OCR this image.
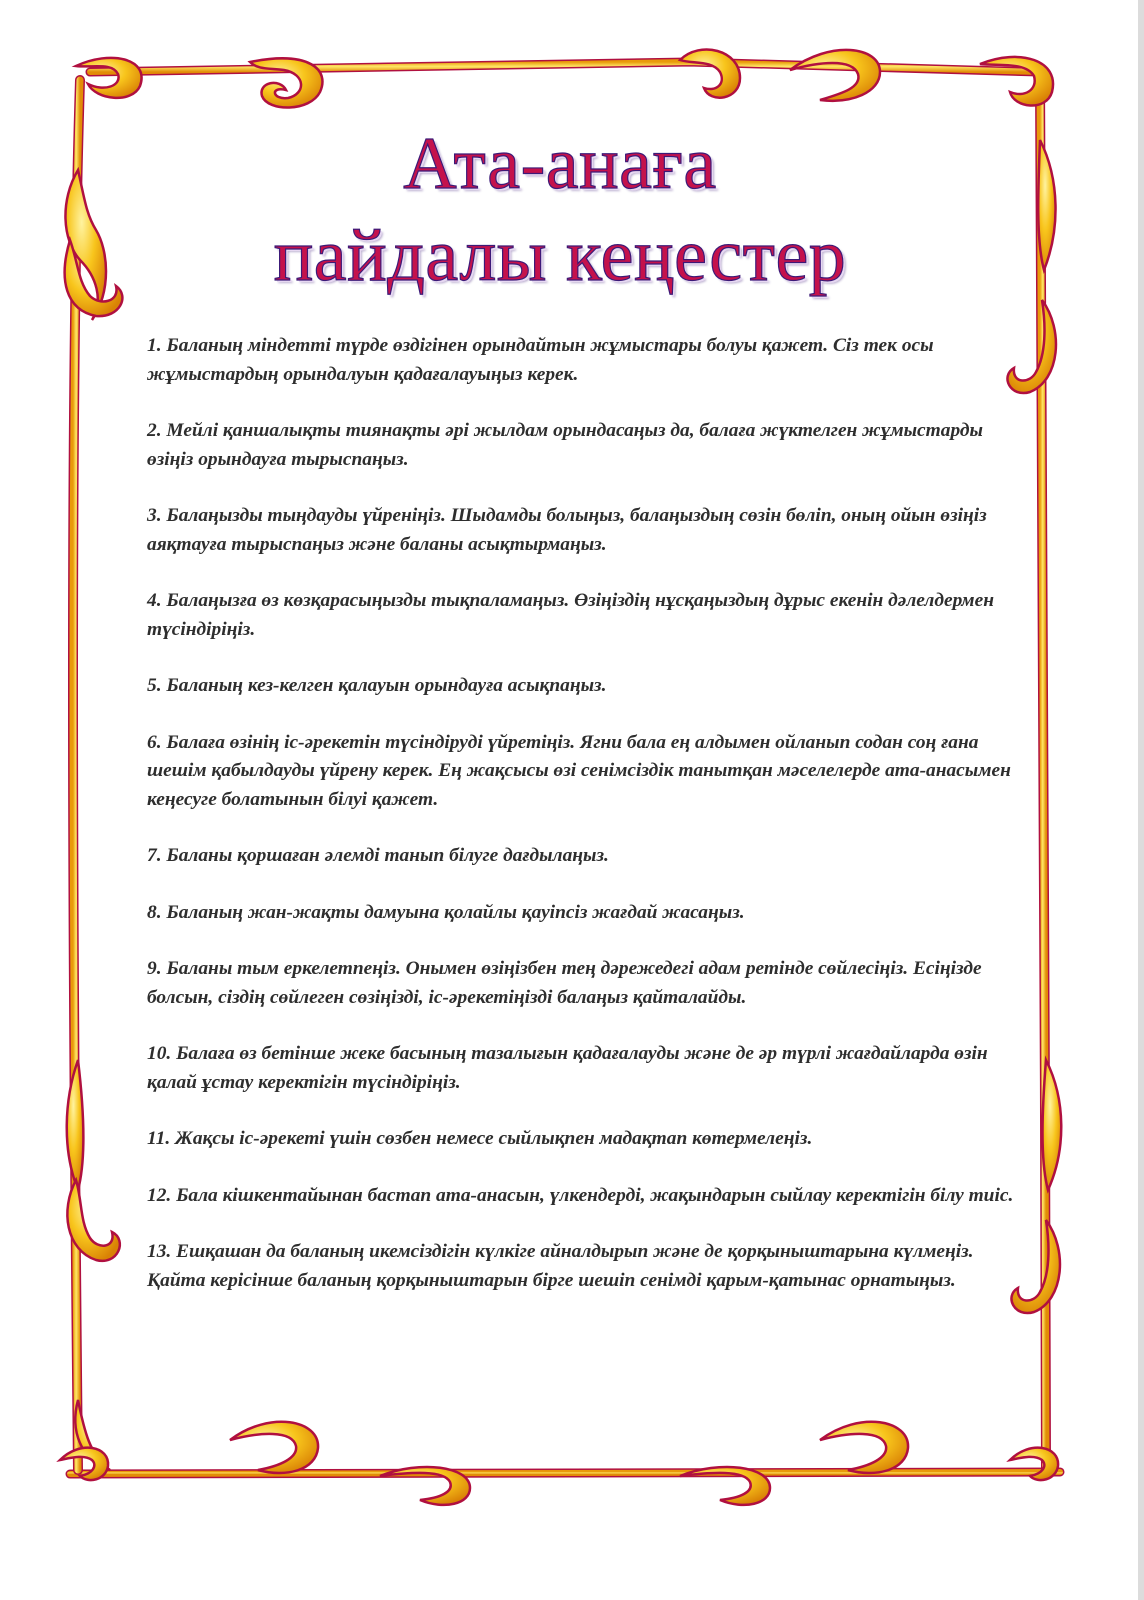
Ата-анаға
пайдалы кеңестер

1. Баланың міндетті түрде өздігінен орындайтын жұмыстары болуы қажет. Сіз тек осы жұмыстардың орындалуын қадағалауыңыз керек.

2. Мейлі қаншалықты тиянақты әрі жылдам орындасаңыз да, балаға жүктелген жұмыстарды өзіңіз орындауға тырыспаңыз.

3. Балаңызды тыңдауды үйреніңіз. Шыдамды болыңыз, балаңыздың сөзін бөліп, оның ойын өзіңіз аяқтауға тырыспаңыз және баланы асықтырмаңыз.

4. Балаңызға өз көзқарасыңызды тықпаламаңыз. Өзіңіздің нұсқаңыздың дұрыс екенін дәлелдермен түсіндіріңіз.

5. Баланың кез-келген қалауын орындауға асықпаңыз.

6. Балаға өзінің іс-әрекетін түсіндіруді үйретіңіз. Ягни бала ең алдымен ойланып содан соң ғана шешім қабылдауды үйрену керек. Ең жақсысы өзі сенімсіздік танытқан мәселелерде ата-анасымен кеңесуге болатынын білуі қажет.

7. Баланы қоршаған әлемді танып білуге дағдылаңыз.

8. Баланың жан-жақты дамуына қолайлы қауіпсіз жағдай жасаңыз.

9. Баланы тым еркелетпеңіз. Онымен өзіңізбен тең дәрежедегі адам ретінде сөйлесіңіз. Есіңізде болсын, сіздің сөйлеген сөзіңізді, іс-әрекетіңізді балаңыз қайталайды.

10. Балаға өз бетінше жеке басының тазалығын қадағалауды және де әр түрлі жағдайларда өзін қалай ұстау керектігін түсіндіріңіз.

11. Жақсы іс-әрекеті үшін сөзбен немесе сыйлықпен мадақтап көтермелеңіз.

12. Бала кішкентайынан бастап ата-анасын, үлкендерді, жақындарын сыйлау керектігін білу тиіс.

13. Ешқашан да баланың икемсіздігін күлкіге айналдырып және де қорқыныштарына күлмеңіз. Қайта керісінше баланың қорқыныштарын бірге шешіп сенімді қарым-қатынас орнатыңыз.
